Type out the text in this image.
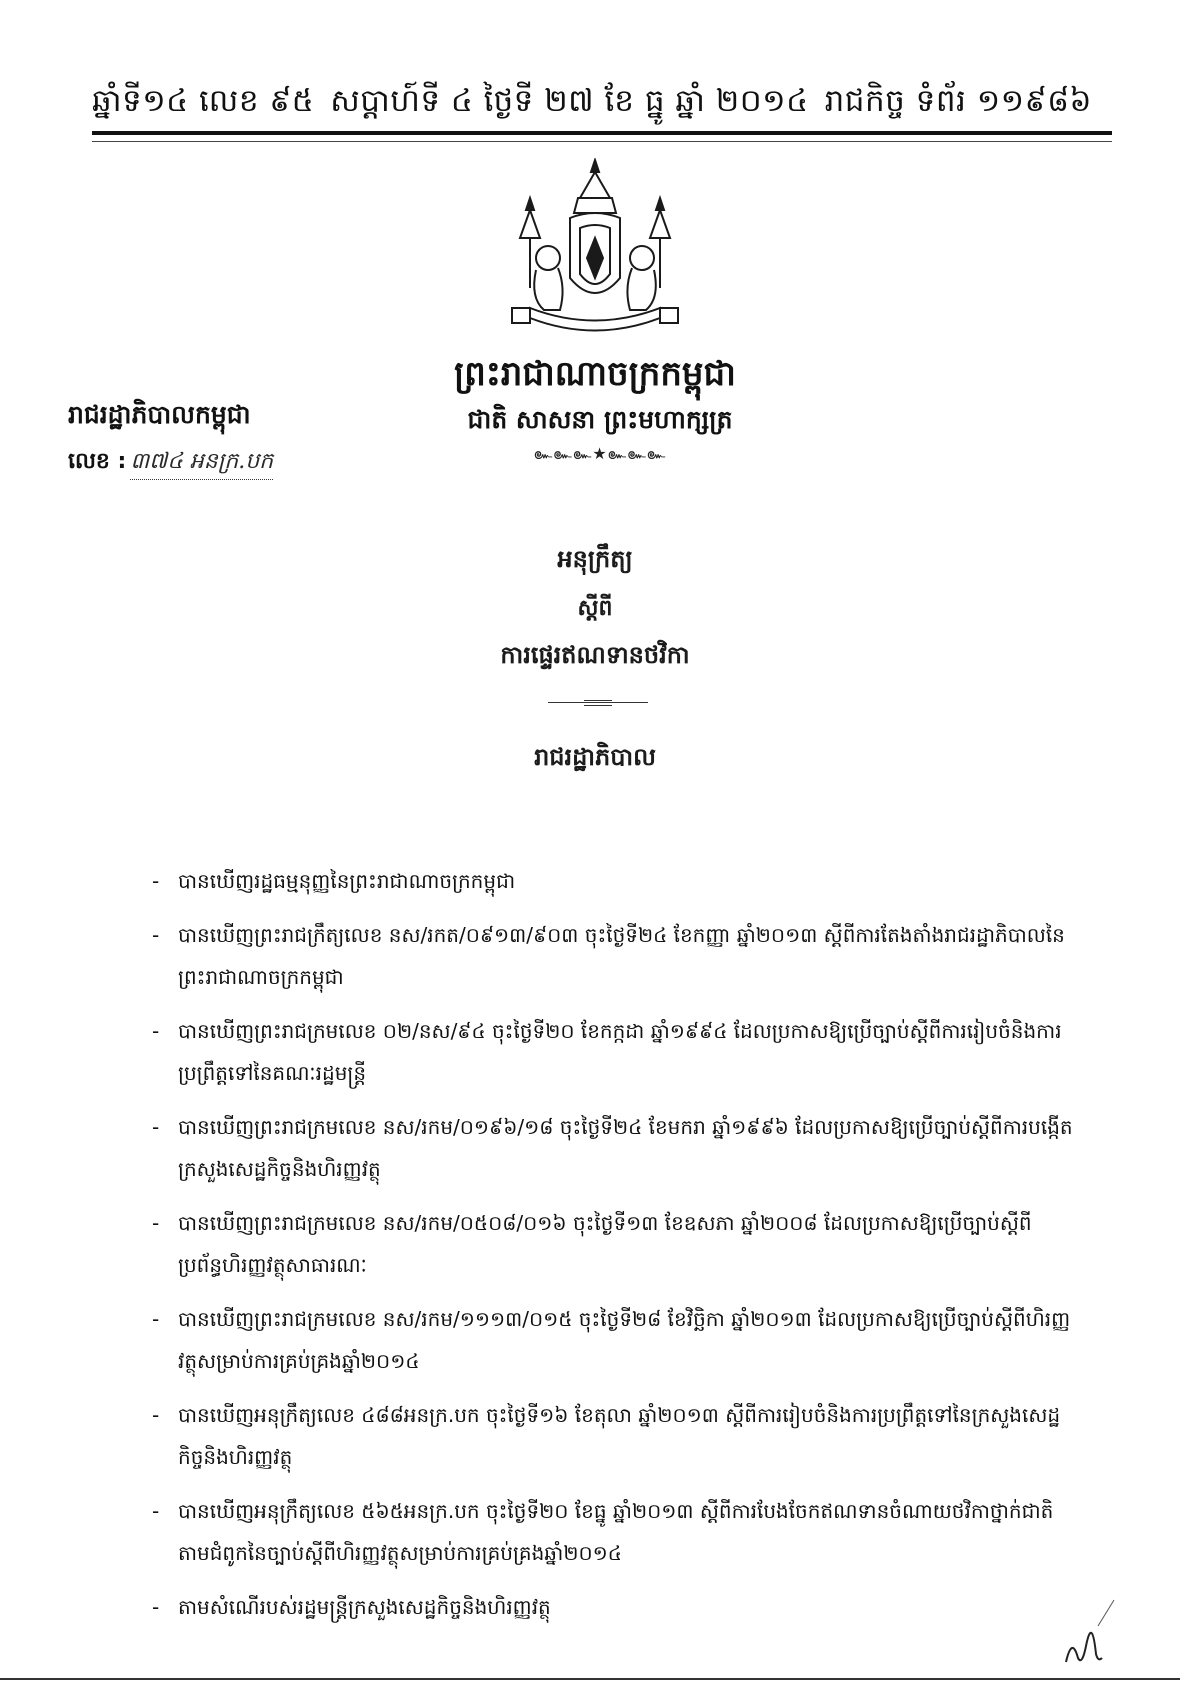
ឆ្នាំទី១៤ លេខ ៩៥ សប្តាហ៍ទី ៤ ថ្ងៃទី ២៧ ខែ ធ្នូ ឆ្នាំ ២០១៤ រាជកិច្ច ទំព័រ ១១៩៨៦
ព្រះរាជាណាចក្រកម្ពុជា
ជាតិ សាសនា ព្រះមហាក្សត្រ
๛๛๛★๛๛๛
រាជរដ្ឋាភិបាលកម្ពុជា
លេខ : ៣៧៤ អនក្រ.បក
អនុក្រឹត្យ
ស្តីពី
ការផ្ទេរឥណទានថវិកា
រាជរដ្ឋាភិបាល
- បានឃើញរដ្ឋធម្មនុញ្ញនៃព្រះរាជាណាចក្រកម្ពុជា
- បានឃើញព្រះរាជក្រឹត្យលេខ នស/រកត/០៩១៣/៩០៣ ចុះថ្ងៃទី២៤ ខែកញ្ញា ឆ្នាំ២០១៣ ស្តីពីការតែងតាំងរាជរដ្ឋាភិបាលនៃព្រះរាជាណាចក្រកម្ពុជា
- បានឃើញព្រះរាជក្រមលេខ ០២/នស/៩៤ ចុះថ្ងៃទី២០ ខែកក្កដា ឆ្នាំ១៩៩៤ ដែលប្រកាសឱ្យប្រើច្បាប់ស្តីពីការរៀបចំនិងការប្រព្រឹត្តទៅនៃគណៈរដ្ឋមន្ត្រី
- បានឃើញព្រះរាជក្រមលេខ នស/រកម/០១៩៦/១៨ ចុះថ្ងៃទី២៤ ខែមករា ឆ្នាំ១៩៩៦ ដែលប្រកាសឱ្យប្រើច្បាប់ស្តីពីការបង្កើតក្រសួងសេដ្ឋកិច្ចនិងហិរញ្ញវត្ថុ
- បានឃើញព្រះរាជក្រមលេខ នស/រកម/០៥០៨/០១៦ ចុះថ្ងៃទី១៣ ខែឧសភា ឆ្នាំ២០០៨ ដែលប្រកាសឱ្យប្រើច្បាប់ស្តីពីប្រព័ន្ធហិរញ្ញវត្ថុសាធារណៈ
- បានឃើញព្រះរាជក្រមលេខ នស/រកម/១១១៣/០១៥ ចុះថ្ងៃទី២៨ ខែវិច្ឆិកា ឆ្នាំ២០១៣ ដែលប្រកាសឱ្យប្រើច្បាប់ស្តីពីហិរញ្ញវត្ថុសម្រាប់ការគ្រប់គ្រងឆ្នាំ២០១៤
- បានឃើញអនុក្រឹត្យលេខ ៤៨៨អនក្រ.បក ចុះថ្ងៃទី១៦ ខែតុលា ឆ្នាំ២០១៣ ស្តីពីការរៀបចំនិងការប្រព្រឹត្តទៅនៃក្រសួងសេដ្ឋកិច្ចនិងហិរញ្ញវត្ថុ
- បានឃើញអនុក្រឹត្យលេខ ៥៦៥អនក្រ.បក ចុះថ្ងៃទី២០ ខែធ្នូ ឆ្នាំ២០១៣ ស្តីពីការបែងចែកឥណទានចំណាយថវិកាថ្នាក់ជាតិតាមជំពូកនៃច្បាប់ស្តីពីហិរញ្ញវត្ថុសម្រាប់ការគ្រប់គ្រងឆ្នាំ២០១៤
- តាមសំណើរបស់រដ្ឋមន្ត្រីក្រសួងសេដ្ឋកិច្ចនិងហិរញ្ញវត្ថុ
